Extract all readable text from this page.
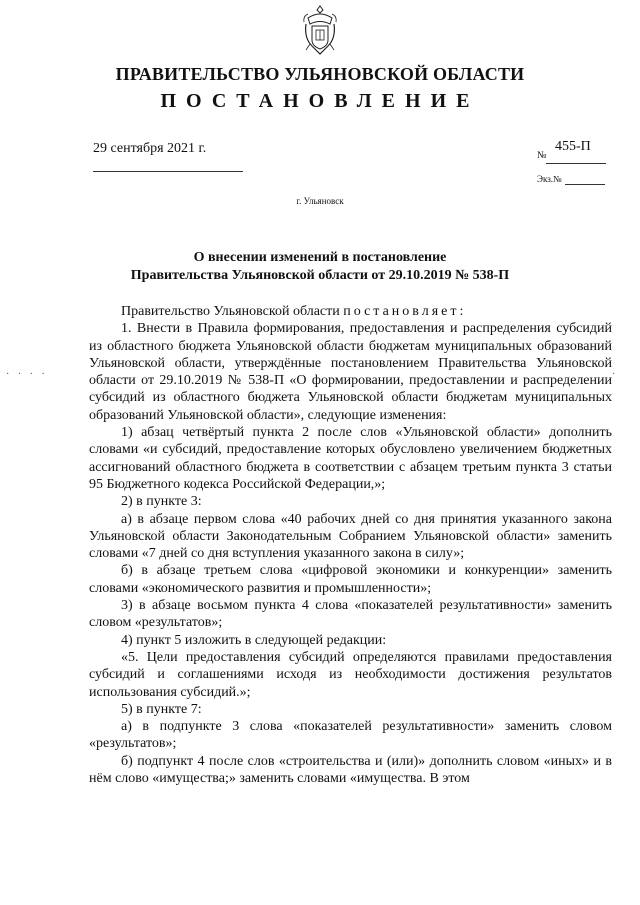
ПРАВИТЕЛЬСТВО УЛЬЯНОВСКОЙ ОБЛАСТИ
ПОСТАНОВЛЕНИЕ
29 сентября 2021 г.	№
455-П
Экз.№
г. Ульяновск
О внесении изменений в постановление
Правительства Ульяновской области от 29.10.2019 № 538-П
· · · ·	·

Правительство Ульяновской области постановляет:

1. Внести в Правила формирования, предоставления и распределения субсидий из областного бюджета Ульяновской области бюджетам муниципальных образований Ульяновской области, утверждённые постановлением Правительства Ульяновской области от 29.10.2019 № 538-П «О формировании, предоставлении и распределении субсидий из областного бюджета Ульяновской области бюджетам муниципальных образований Ульяновской области», следующие изменения:

1) абзац четвёртый пункта 2 после слов «Ульяновской области» дополнить словами «и субсидий, предоставление которых обусловлено увеличением бюджетных ассигнований областного бюджета в соответствии с абзацем третьим пункта 3 статьи 95 Бюджетного кодекса Российской Федерации,»;

2) в пункте 3:

а) в абзаце первом слова «40 рабочих дней со дня принятия указанного закона Ульяновской области Законодательным Собранием Ульяновской области» заменить словами «7 дней со дня вступления указанного закона в силу»;

б) в абзаце третьем слова «цифровой экономики и конкуренции» заменить словами «экономического развития и промышленности»;

3) в абзаце восьмом пункта 4 слова «показателей результативности» заменить словом «результатов»;

4) пункт 5 изложить в следующей редакции:

«5. Цели предоставления субсидий определяются правилами предоставления субсидий и соглашениями исходя из необходимости достижения результатов использования субсидий.»;

5) в пункте 7:

а) в подпункте 3 слова «показателей результативности» заменить словом «результатов»;

б) подпункт 4 после слов «строительства и (или)» дополнить словом «иных» и в нём слово «имущества;» заменить словами «имущества. В этом
